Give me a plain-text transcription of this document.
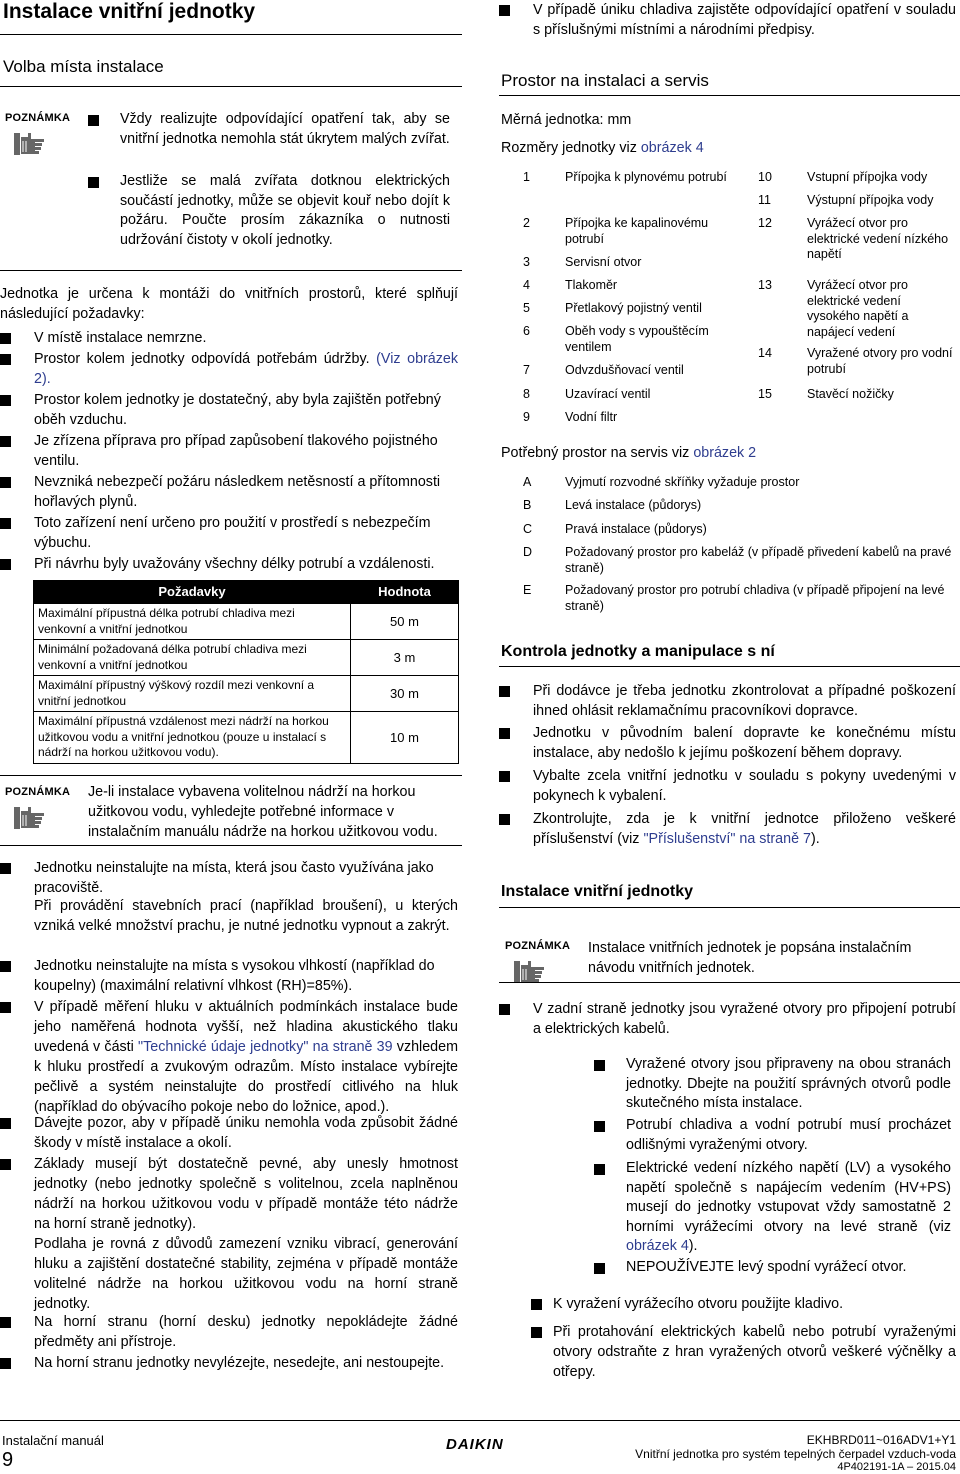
Instalace vnitřní jednotky
Volba místa instalace
POZNÁMKA	Vždy realizujte odpovídající opatření tak, aby se vnitřní jednotka nemohla stát úkrytem malých zvířat.
Jestliže se malá zvířata dotknou elektrických součástí jednotky, může se objevit kouř nebo dojít k požáru. Poučte prosím zákazníka o nutnosti udržování čistoty v okolí jednotky.
Jednotka je určena k montáži do vnitřních prostorů, které splňují následující požadavky:
V místě instalace nemrzne.
Prostor kolem jednotky odpovídá potřebám údržby. (Viz obrázek 2).
Prostor kolem jednotky je dostatečný, aby byla zajištěn potřebný oběh vzduchu.
Je zřízena příprava pro případ zapůsobení tlakového pojistného ventilu.
Nevzniká nebezpečí požáru následkem netěsností a přítomnosti hořlavých plynů.
Toto zařízení není určeno pro použití v prostředí s nebezpečím výbuchu.
Při návrhu byly uvažovány všechny délky potrubí a vzdálenosti.
Požadavky	Hodnota
Maximální přípustná délka potrubí chladiva mezi venkovní a vnitřní jednotkou	50 m
Minimální požadovaná délka potrubí chladiva mezi venkovní a vnitřní jednotkou	3 m
Maximální přípustný výškový rozdíl mezi venkovní a vnitřní jednotkou	30 m
Maximální přípustná vzdálenost mezi nádrží na horkou užitkovou vodu a vnitřní jednotkou (pouze u instalací s nádrží na horkou užitkovou vodu).	10 m
POZNÁMKA Je-li instalace vybavena volitelnou nádrží na horkou užitkovou vodu, vyhledejte potřebné informace v instalačním manuálu nádrže na horkou užitkovou vodu.
Jednotku neinstalujte na místa, která jsou často využívána jako pracoviště.
Při provádění stavebních prací (například broušení), u kterých vzniká velké množství prachu, je nutné jednotku vypnout a zakrýt.
Jednotku neinstalujte na místa s vysokou vlhkostí (například do koupelny) (maximální relativní vlhkost (RH)=85%).
V případě měření hluku v aktuálních podmínkách instalace bude jeho naměřená hodnota vyšší, než hladina akustického tlaku uvedená v části "Technické údaje jednotky" na straně 39 vzhledem k hluku prostředí a zvukovým odrazům. Místo instalace vybírejte pečlivě a systém neinstalujte do prostředí citlivého na hluk (například do obývacího pokoje nebo do ložnice, apod.).
Dávejte pozor, aby v případě úniku nemohla voda způsobit žádné škody v místě instalace a okolí.
Základy musejí být dostatečně pevné, aby unesly hmotnost jednotky (nebo jednotky společně s volitelnou, zcela naplněnou nádrží na horkou užitkovou vodu v případě montáže této nádrže na horní straně jednotky).
Podlaha je rovná z důvodů zamezení vzniku vibrací, generování hluku a zajištění dostatečné stability, zejména v případě montáže volitelné nádrže na horkou užitkovou vodu na horní straně jednotky.
Na horní stranu (horní desku) jednotky nepokládejte žádné předměty ani přístroje.
Na horní stranu jednotky nevylézejte, nesedejte, ani nestoupejte.
V případě úniku chladiva zajistěte odpovídající opatření v souladu s příslušnými místními a národními předpisy.
Prostor na instalaci a servis
Měrná jednotka: mm
Rozměry jednotky viz obrázek 4
1	Přípojka k plynovému potrubí
2	Přípojka ke kapalinovému potrubí
3	Servisní otvor
4	Tlakoměr
5	Přetlakový pojistný ventil
6	Oběh vody s vypouštěcím ventilem
7	Odvzdušňovací ventil
8	Uzavírací ventil
9	Vodní filtr
10	Vstupní přípojka vody
11	Výstupní přípojka vody
12	Vyrážecí otvor pro elektrické vedení nízkého napětí
13	Vyrážecí otvor pro elektrické vedení vysokého napětí a napájecí vedení
14	Vyražené otvory pro vodní potrubí
15	Stavěcí nožičky
Potřebný prostor na servis viz obrázek 2
A	Vyjmutí rozvodné skříňky vyžaduje prostor
B	Levá instalace (půdorys)
C	Pravá instalace (půdorys)
D	Požadovaný prostor pro kabeláž (v případě přivedení kabelů na pravé straně)
E	Požadovaný prostor pro potrubí chladiva (v případě připojení na levé straně)
Kontrola jednotky a manipulace s ní
Při dodávce je třeba jednotku zkontrolovat a případné poškození ihned ohlásit reklamačnímu pracovníkovi dopravce.
Jednotku v původním balení dopravte ke konečnému místu instalace, aby nedošlo k jejímu poškození během dopravy.
Vybalte zcela vnitřní jednotku v souladu s pokyny uvedenými v pokynech k vybalení.
Zkontrolujte, zda je k vnitřní jednotce přiloženo veškeré příslušenství (viz "Příslušenství" na straně 7).
Instalace vnitřní jednotky
POZNÁMKA Instalace vnitřních jednotek je popsána instalačním návodu vnitřních jednotek.
V zadní straně jednotky jsou vyražené otvory pro připojení potrubí a elektrických kabelů.
Vyražené otvory jsou připraveny na obou stranách jednotky. Dbejte na použití správných otvorů podle skutečného místa instalace.
Potrubí chladiva a vodní potrubí musí procházet odlišnými vyraženými otvory.
Elektrické vedení nízkého napětí (LV) a vysokého napětí společně s napájecím vedením (HV+PS) musejí do jednotky vstupovat vždy samostatně 2 horními vyrážecími otvory na levé straně (viz obrázek 4).
NEPOUŽÍVEJTE levý spodní vyrážecí otvor.
K vyražení vyrážecího otvoru použijte kladivo.
Při protahování elektrických kabelů nebo potrubí vyraženými otvory odstraňte z hran vyražených otvorů veškeré výčnělky a otřepy.
Instalační manuál
9
DAIKIN	EKHBRD011~016ADV1+Y1
Vnitřní jednotka pro systém tepelných čerpadel vzduch-voda
4P402191-1A – 2015.04
